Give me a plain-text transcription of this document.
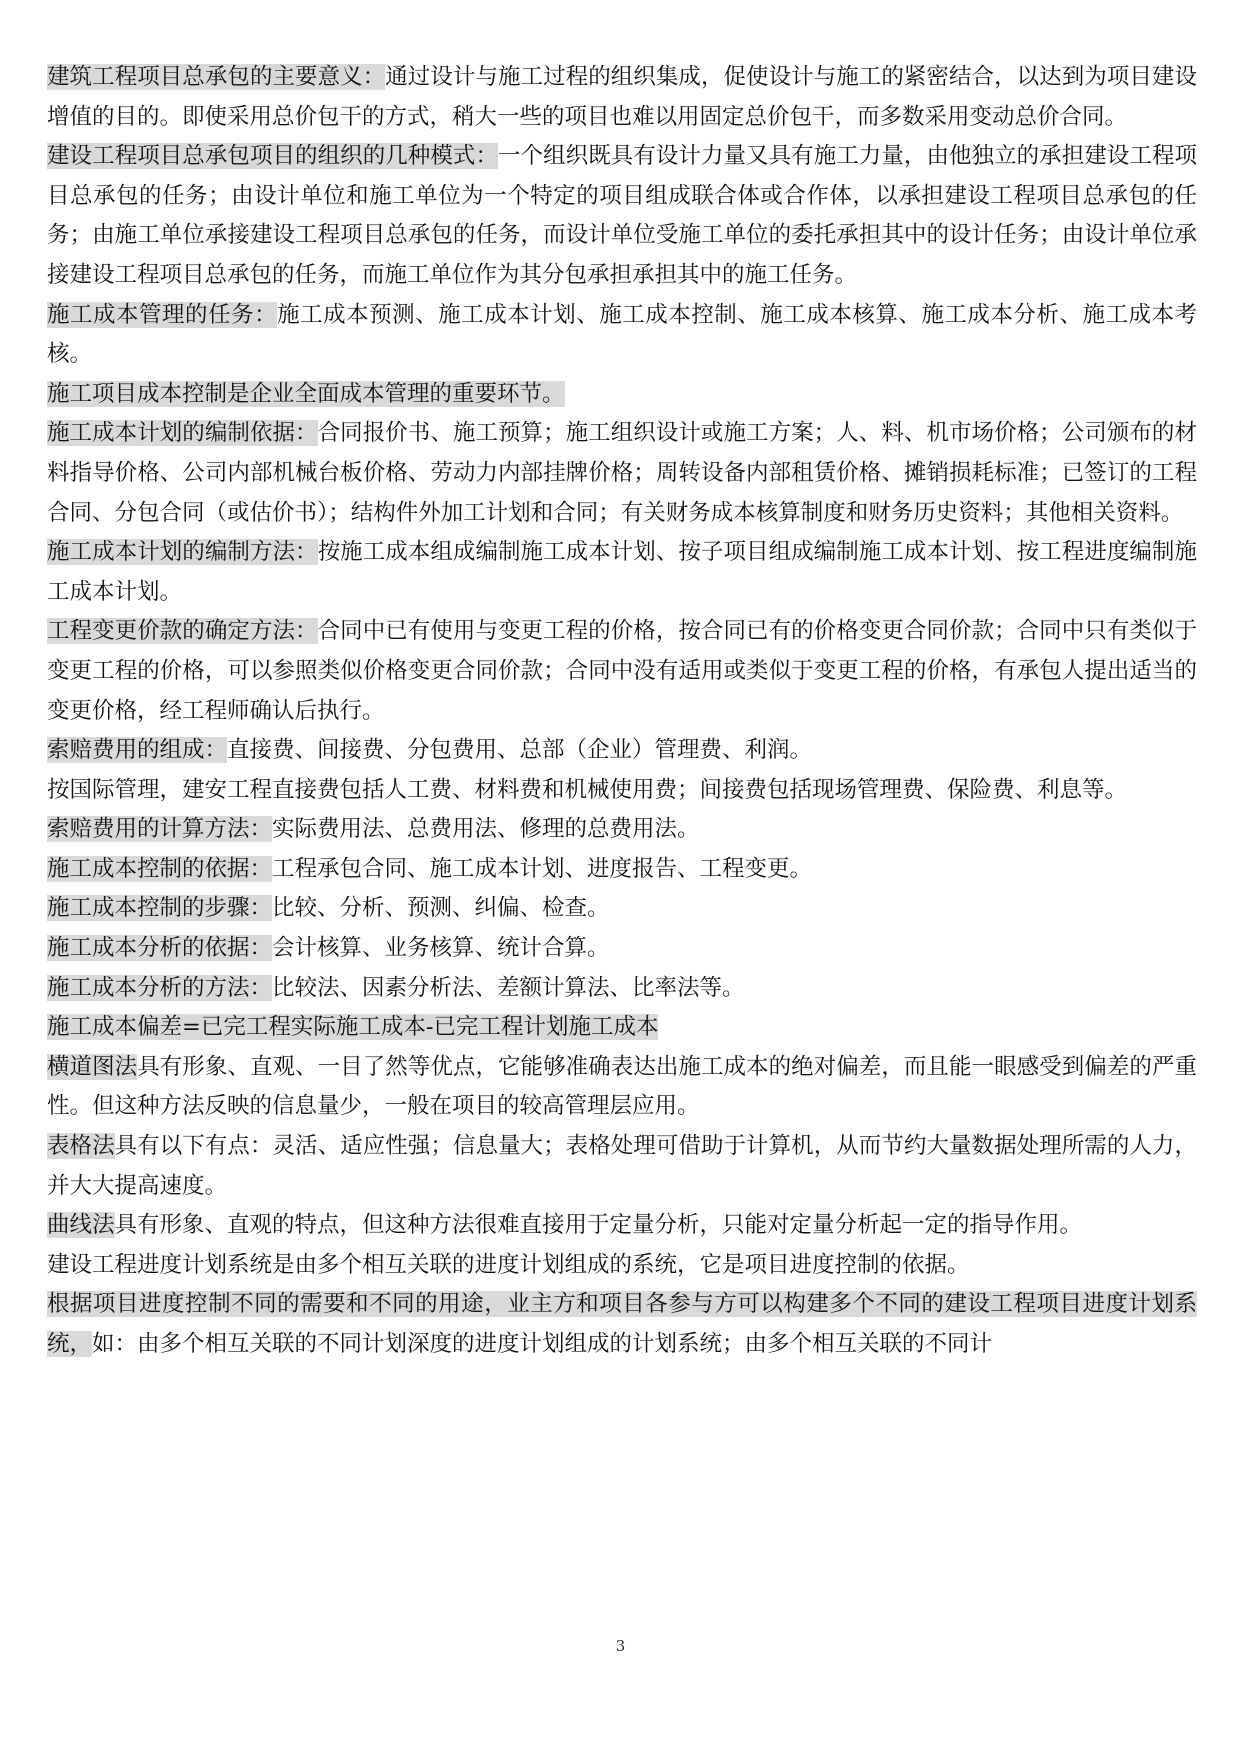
建筑工程项目总承包的主要意义：通过设计与施工过程的组织集成，促使设计与施工的紧密结合，以达到为项目建设增值的目的。即使采用总价包干的方式，稍大一些的项目也难以用固定总价包干，而多数采用变动总价合同。

建设工程项目总承包项目的组织的几种模式：一个组织既具有设计力量又具有施工力量，由他独立的承担建设工程项目总承包的任务；由设计单位和施工单位为一个特定的项目组成联合体或合作体，以承担建设工程项目总承包的任务；由施工单位承接建设工程项目总承包的任务，而设计单位受施工单位的委托承担其中的设计任务；由设计单位承接建设工程项目总承包的任务，而施工单位作为其分包承担承担其中的施工任务。

施工成本管理的任务：施工成本预测、施工成本计划、施工成本控制、施工成本核算、施工成本分析、施工成本考核。

施工项目成本控制是企业全面成本管理的重要环节。

施工成本计划的编制依据：合同报价书、施工预算；施工组织设计或施工方案；人、料、机市场价格；公司颁布的材料指导价格、公司内部机械台板价格、劳动力内部挂牌价格；周转设备内部租赁价格、摊销损耗标准；已签订的工程合同、分包合同（或估价书）；结构件外加工计划和合同；有关财务成本核算制度和财务历史资料；其他相关资料。

施工成本计划的编制方法：按施工成本组成编制施工成本计划、按子项目组成编制施工成本计划、按工程进度编制施工成本计划。

工程变更价款的确定方法：合同中已有使用与变更工程的价格，按合同已有的价格变更合同价款；合同中只有类似于变更工程的价格，可以参照类似价格变更合同价款；合同中没有适用或类似于变更工程的价格，有承包人提出适当的变更价格，经工程师确认后执行。

索赔费用的组成：直接费、间接费、分包费用、总部（企业）管理费、利润。

按国际管理，建安工程直接费包括人工费、材料费和机械使用费；间接费包括现场管理费、保险费、利息等。

索赔费用的计算方法：实际费用法、总费用法、修理的总费用法。

施工成本控制的依据：工程承包合同、施工成本计划、进度报告、工程变更。

施工成本控制的步骤：比较、分析、预测、纠偏、检查。

施工成本分析的依据：会计核算、业务核算、统计合算。

施工成本分析的方法：比较法、因素分析法、差额计算法、比率法等。

施工成本偏差=已完工程实际施工成本-已完工程计划施工成本

横道图法具有形象、直观、一目了然等优点，它能够准确表达出施工成本的绝对偏差，而且能一眼感受到偏差的严重性。但这种方法反映的信息量少，一般在项目的较高管理层应用。

表格法具有以下有点：灵活、适应性强；信息量大；表格处理可借助于计算机，从而节约大量数据处理所需的人力，并大大提高速度。

曲线法具有形象、直观的特点，但这种方法很难直接用于定量分析，只能对定量分析起一定的指导作用。

建设工程进度计划系统是由多个相互关联的进度计划组成的系统，它是项目进度控制的依据。

根据项目进度控制不同的需要和不同的用途，业主方和项目各参与方可以构建多个不同的建设工程项目进度计划系统，如：由多个相互关联的不同计划深度的进度计划组成的计划系统；由多个相互关联的不同计

3
